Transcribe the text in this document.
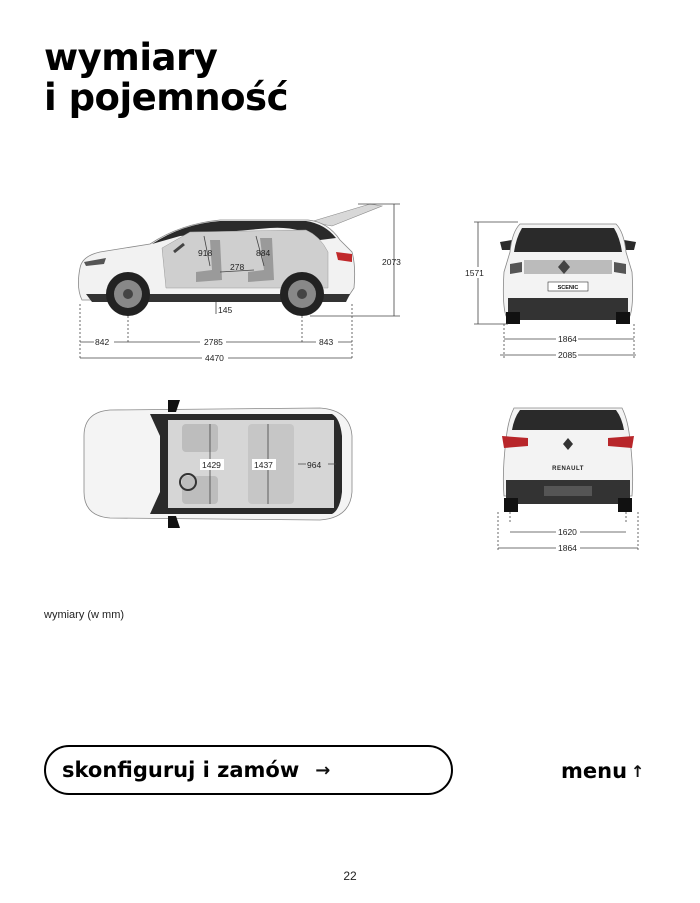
wymiary
i pojemność
918	884
278
145
2073
842	2785	843
4470
SCENIC
1571
1864
2085
1429	1437	964	RENAULT
1620
1864
wymiary (w mm)
skonfiguruj i zamów →	menu ↑
22
